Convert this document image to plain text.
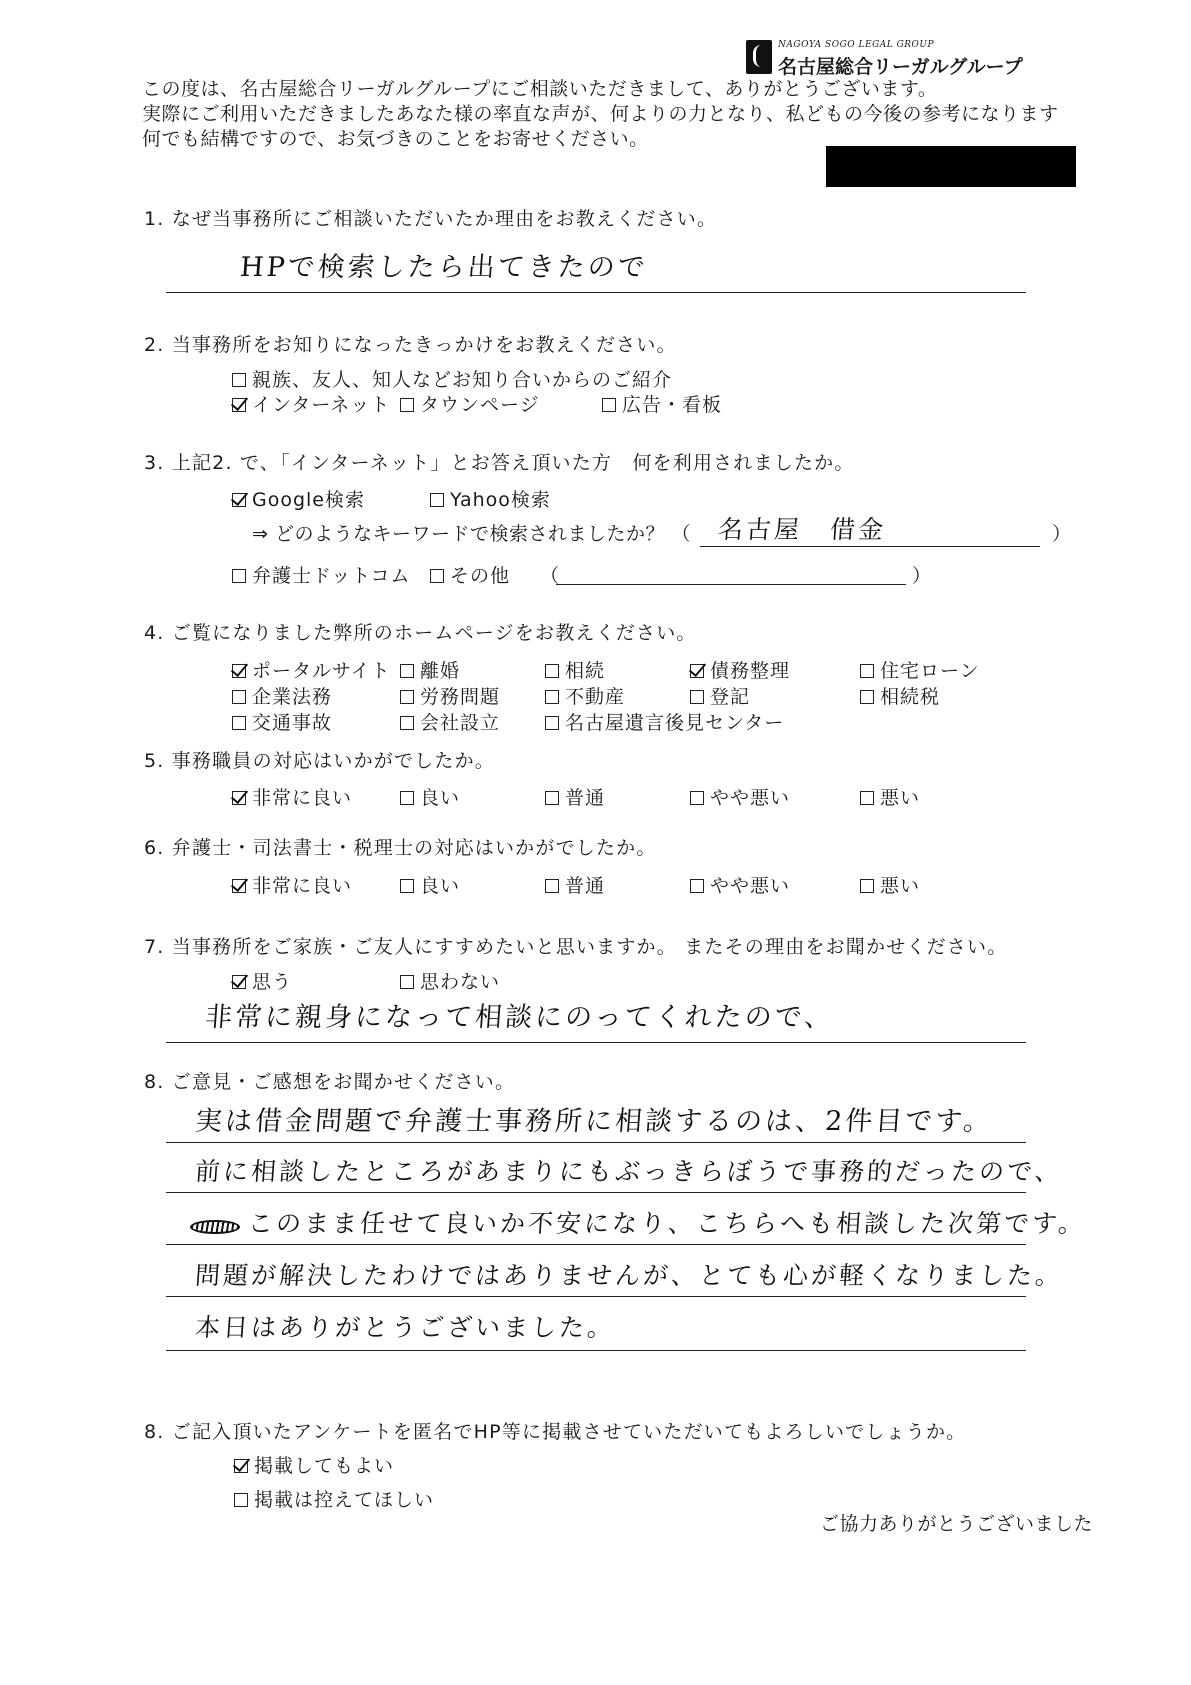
NAGOYA SOGO LEGAL GROUP
名古屋総合リーガルグループ
この度は、名古屋総合リーガルグループにご相談いただきまして、ありがとうございます。
実際にご利用いただきましたあなた様の率直な声が、何よりの力となり、私どもの今後の参考になります
何でも結構ですので、お気づきのことをお寄せください。
1. なぜ当事務所にご相談いただいたか理由をお教えください。
HPで検索したら出てきたので
2. 当事務所をお知りになったきっかけをお教えください。
親族、友人、知人などお知り合いからのご紹介
インターネット タウンページ	広告・看板
3. 上記2. で、「インターネット」とお答え頂いた方　何を利用されましたか。
Google検索	Yahoo検索
⇒ どのようなキーワードで検索されましたか？ （ 名古屋　借金	）
弁護士ドットコム その他 （	）
4. ご覧になりました弊所のホームページをお教えください。
ポータルサイト 離婚	相続	債務整理	住宅ローン
企業法務	労務問題	不動産	登記	相続税
交通事故	会社設立	名古屋遺言後見センター
5. 事務職員の対応はいかがでしたか。
非常に良い	良い	普通	やや悪い	悪い
6. 弁護士・司法書士・税理士の対応はいかがでしたか。
非常に良い	良い	普通	やや悪い	悪い
7. 当事務所をご家族・ご友人にすすめたいと思いますか。 またその理由をお聞かせください。
思う	思わない
非常に親身になって相談にのってくれたので、
8. ご意見・ご感想をお聞かせください。
実は借金問題で弁護士事務所に相談するのは、2件目です。
前に相談したところがあまりにもぶっきらぼうで事務的だったので、
このまま任せて良いか不安になり、こちらへも相談した次第です。
問題が解決したわけではありませんが、とても心が軽くなりました。
本日はありがとうございました。
8. ご記入頂いたアンケートを匿名でHP等に掲載させていただいてもよろしいでしょうか。
掲載してもよい
掲載は控えてほしい
ご協力ありがとうございました
